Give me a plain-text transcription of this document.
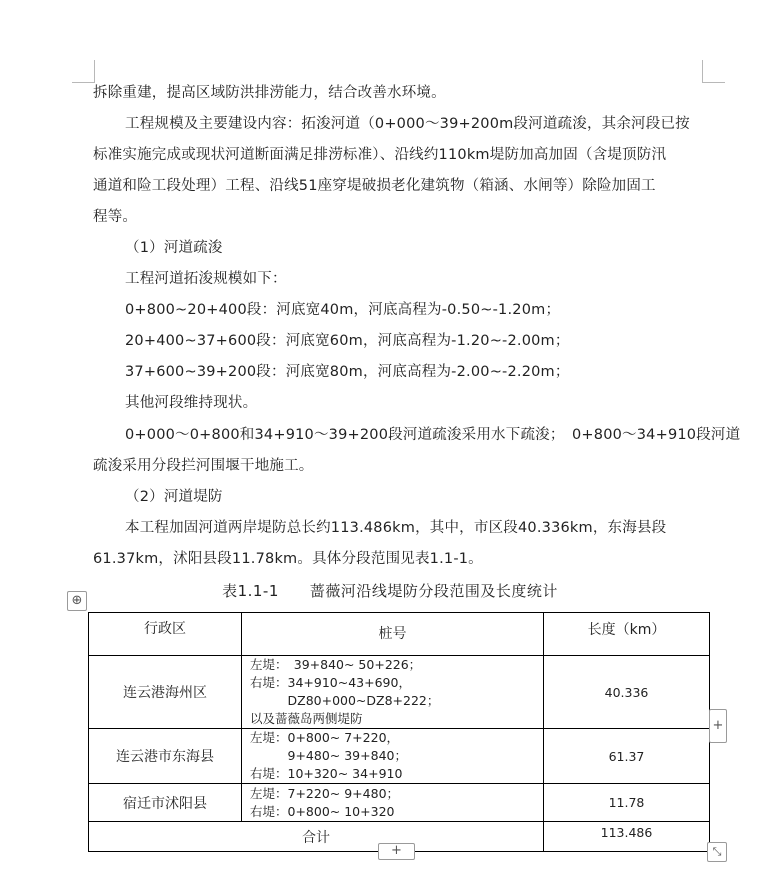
拆除重建，提高区域防洪排涝能力，结合改善水环境。
工程规模及主要建设内容：拓浚河道（0+000～39+200m段河道疏浚，其余河段已按
标准实施完成或现状河道断面满足排涝标准）、沿线约110km堤防加高加固（含堤顶防汛
通道和险工段处理）工程、沿线51座穿堤破损老化建筑物（箱涵、水闸等）除险加固工
程等。
（1）河道疏浚
工程河道拓浚规模如下：
0+800~20+400段：河底宽40m，河底高程为-0.50~-1.20m；
20+400~37+600段：河底宽60m，河底高程为-1.20~-2.00m；
37+600~39+200段：河底宽80m，河底高程为-2.00~-2.20m；
其他河段维持现状。
0+000～0+800和34+910～39+200段河道疏浚采用水下疏浚；　0+800～34+910段河道
疏浚采用分段拦河围堰干地施工。
（2）河道堤防
本工程加固河道两岸堤防总长约113.486km，其中，市区段40.336km，东海县段
61.37km，沭阳县段11.78km。具体分段范围见表1.1-1。
表1.1-1　　蔷薇河沿线堤防分段范围及长度统计
⊕
行政区	桩号	长度（km）
连云港海州区	左堤：　39+840~ 50+226；
右堤：34+910~43+690，
　　　DZ80+000~DZ8+222；
以及蔷薇岛两侧堤防	40.336
连云港市东海县	左堤：0+800~ 7+220，
　　　9+480~ 39+840；
右堤：10+320~ 34+910	61.37
宿迁市沭阳县	左堤：7+220~ 9+480；
右堤：0+800~ 10+320	11.78
合计		113.486
+
+	⤡
